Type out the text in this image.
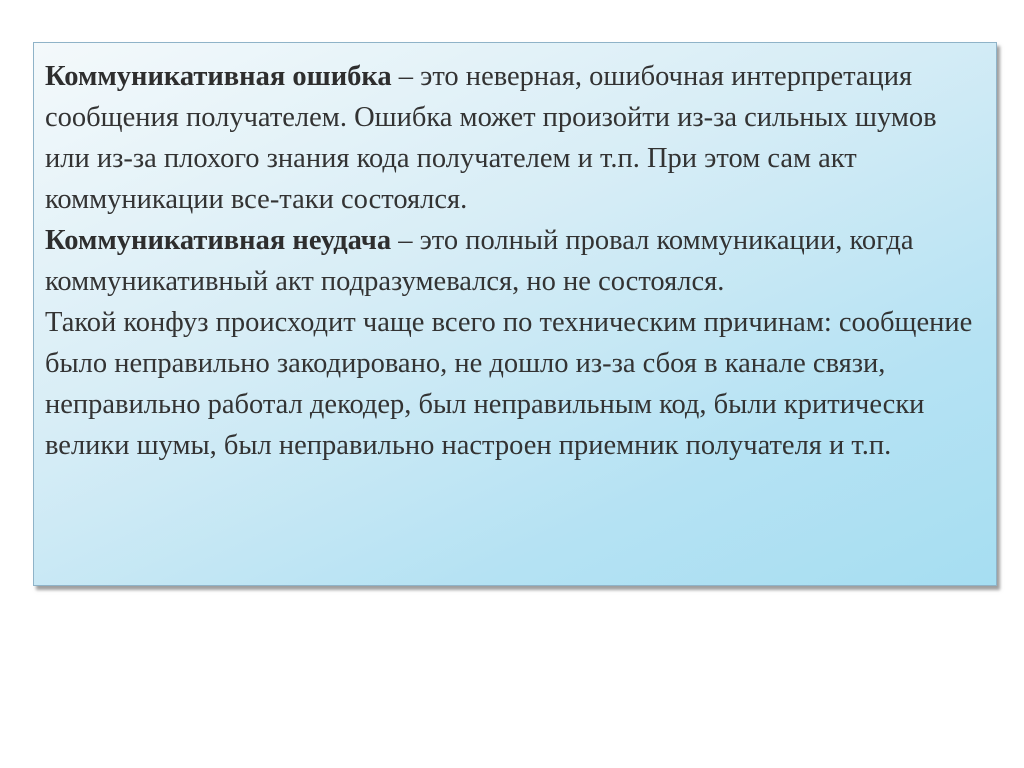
Коммуникативная ошибка – это неверная, ошибочная интерпретация сообщения получателем. Ошибка может произойти из-за сильных шумов или из-за плохого знания кода получателем и т.п. При этом сам акт коммуникации все-таки состоялся.

Коммуникативная неудача – это полный провал коммуникации, когда коммуникативный акт подразумевался, но не состоялся.

Такой конфуз происходит чаще всего по техническим причинам: сообщение было неправильно закодировано, не дошло из-за сбоя в канале связи, неправильно работал декодер, был неправильным код, были критически велики шумы, был неправильно настроен приемник получателя и т.п.
